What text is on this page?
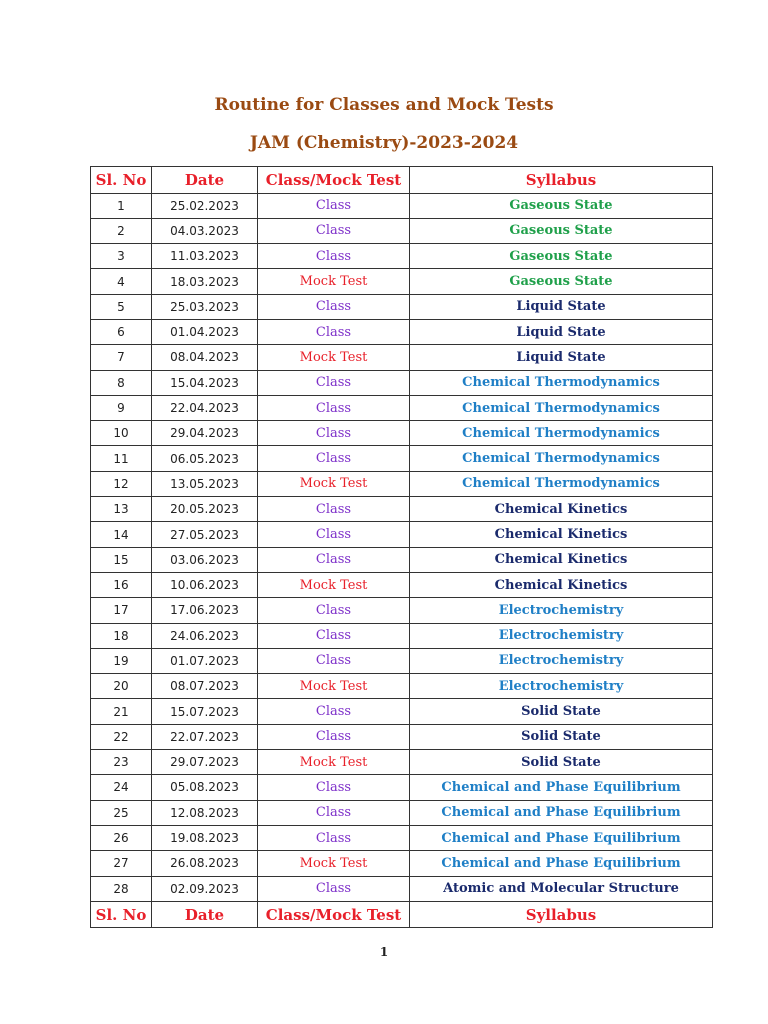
Routine for Classes and Mock Tests
JAM (Chemistry)-2023-2024
Sl. No	Date	Class/Mock Test	Syllabus
1	25.02.2023	Class	Gaseous State
2	04.03.2023	Class	Gaseous State
3	11.03.2023	Class	Gaseous State
4	18.03.2023	Mock Test	Gaseous State
5	25.03.2023	Class	Liquid State
6	01.04.2023	Class	Liquid State
7	08.04.2023	Mock Test	Liquid State
8	15.04.2023	Class	Chemical Thermodynamics
9	22.04.2023	Class	Chemical Thermodynamics
10	29.04.2023	Class	Chemical Thermodynamics
11	06.05.2023	Class	Chemical Thermodynamics
12	13.05.2023	Mock Test	Chemical Thermodynamics
13	20.05.2023	Class	Chemical Kinetics
14	27.05.2023	Class	Chemical Kinetics
15	03.06.2023	Class	Chemical Kinetics
16	10.06.2023	Mock Test	Chemical Kinetics
17	17.06.2023	Class	Electrochemistry
18	24.06.2023	Class	Electrochemistry
19	01.07.2023	Class	Electrochemistry
20	08.07.2023	Mock Test	Electrochemistry
21	15.07.2023	Class	Solid State
22	22.07.2023	Class	Solid State
23	29.07.2023	Mock Test	Solid State
24	05.08.2023	Class	Chemical and Phase Equilibrium
25	12.08.2023	Class	Chemical and Phase Equilibrium
26	19.08.2023	Class	Chemical and Phase Equilibrium
27	26.08.2023	Mock Test	Chemical and Phase Equilibrium
28	02.09.2023	Class	Atomic and Molecular Structure
Sl. No	Date	Class/Mock Test	Syllabus
1
